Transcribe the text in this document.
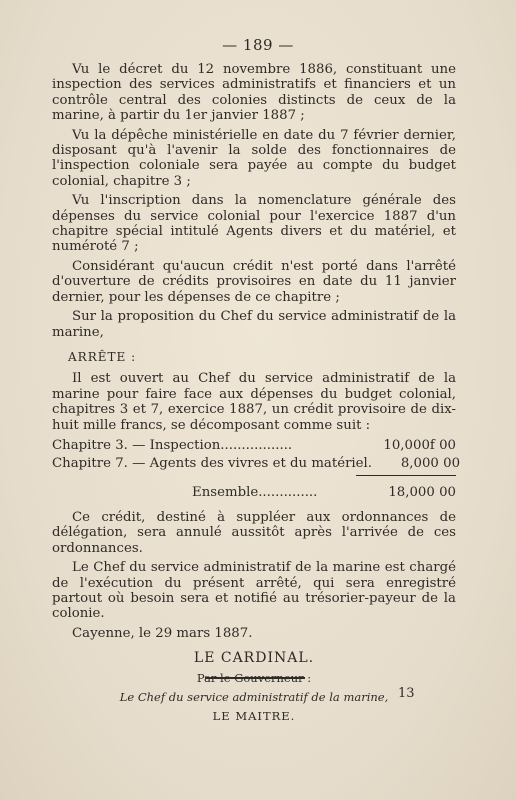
— 189 —

Vu le décret du 12 novembre 1886, constituant une inspection des services administratifs et financiers et un contrôle central des colonies distincts de ceux de la marine, à partir du 1er janvier 1887 ;

Vu la dépêche ministérielle en date du 7 février dernier, disposant qu'à l'avenir la solde des fonctionnaires de l'inspection coloniale sera payée au compte du budget colonial, chapitre 3 ;

Vu l'inscription dans la nomenclature générale des dépenses du service colonial pour l'exercice 1887 d'un chapitre spécial intitulé Agents divers et du matériel, et numéroté 7 ;

Considérant qu'aucun crédit n'est porté dans l'arrêté d'ouverture de crédits provisoires en date du 11 janvier dernier, pour les dépenses de ce chapitre ;

Sur la proposition du Chef du service administratif de la marine,

ARRÊTE :

Il est ouvert au Chef du service administratif de la marine pour faire face aux dépenses du budget colonial, chapitres 3 et 7, exercice 1887, un crédit provisoire de dix-huit mille francs, se décomposant comme suit :

Chapitre 3. — Inspection.................	10,000f 00
Chapitre 7. — Agents des vivres et du matériel.	8,000 00
Ensemble..............	18,000 00

Ce crédit, destiné à suppléer aux ordonnances de délégation, sera annulé aussitôt après l'arrivée de ces ordonnances.

Le Chef du service administratif de la marine est chargé de l'exécution du présent arrêté, qui sera enregistré partout où besoin sera et notifié au trésorier-payeur de la colonie.

Cayenne, le 29 mars 1887.

LE CARDINAL.
Par le Gouverneur :
Le Chef du service administratif de la marine,
LE MAITRE.
13
